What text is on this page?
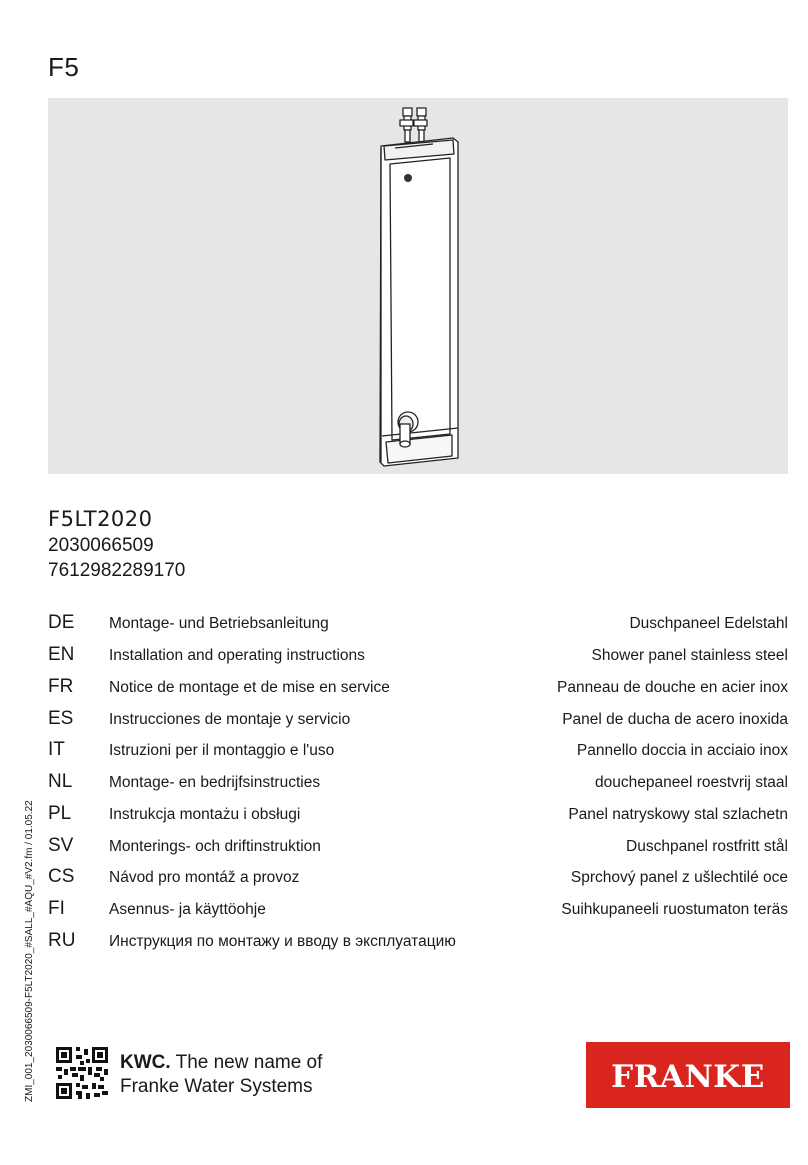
F5
F5LT2020
2030066509
7612982289170
DE Montage- und Betriebsanleitung	Duschpaneel Edelstahl
EN Installation and operating instructions	Shower panel stainless steel
FR Notice de montage et de mise en service	Panneau de douche en acier inox
ES Instrucciones de montaje y servicio	Panel de ducha de acero inoxida
IT	Istruzioni per il montaggio e l'uso	Pannello doccia in acciaio inox
NL Montage- en bedrijfsinstructies	douchepaneel roestvrij staal
PL Instrukcja montażu i obsługi	Panel natryskowy stal szlachetn
SV Monterings- och driftinstruktion	Duschpanel rostfritt stål
CS Návod pro montáž a provoz	Sprchový panel z ušlechtilé oce
FI	Asennus- ja käyttöohje	Suihkupaneeli ruostumaton teräs
RU Инструкция по монтажу и вводу в эксплуатацию
ZMI_001_2030066509-F5LT2020_#SALL_#AQU_#V2.fm / 01.05.22	KWC. The new name of
Franke Water Systems	FRANKE
